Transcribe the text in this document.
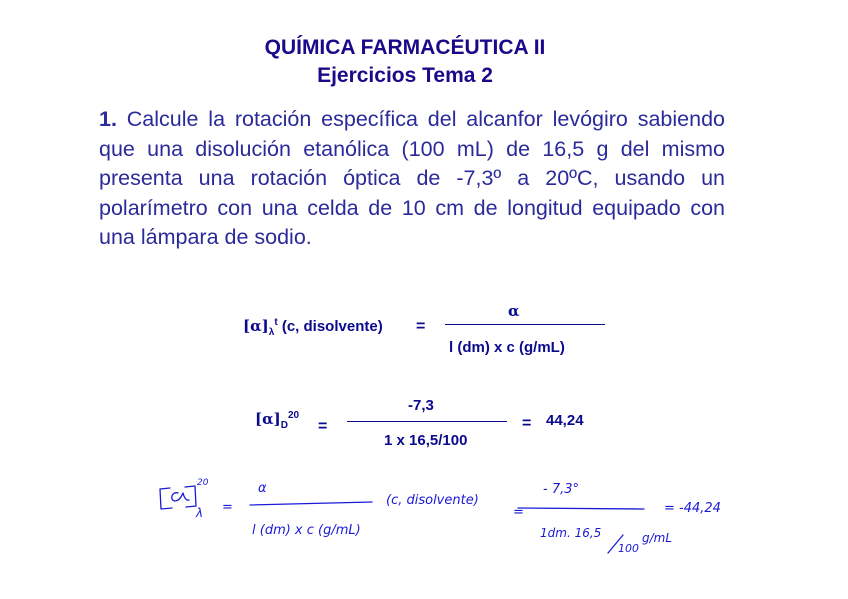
QUÍMICA FARMACÉUTICA II
Ejercicios Tema 2
1. Calcule la rotación específica del alcanfor levógiro sabiendo que una disolución etanólica (100 mL) de 16,5 g del mismo presenta una rotación óptica de -7,3º a 20ºC, usando un polarímetro con una celda de 10 cm de longitud equipado con una lámpara de sodio.
$[\alpha]_\lambda^t$ (c, disolvente) =
α
l (dm) x c (g/mL)
$[\alpha]_D^{20}$
=
-7,3
1 x 16,5/100
= 44,24
20
λ =
α
(c, disolvente)
l (dm) x c (g/mL)
=
- 7,3°
1dm. 16,5
100
g/mL
= -44,24
